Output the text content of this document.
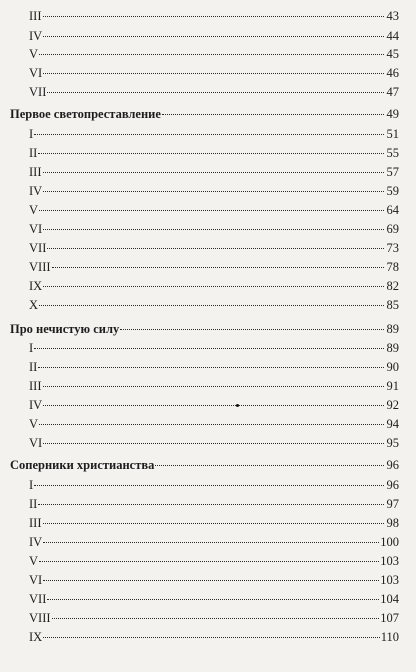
III	43
IV	44
V	45
VI	46
VII	47
Первое светопреставление	49
I	51
II	55
III	57
IV	59
V	64
VI	69
VII	73
VIII	78
IX	82
X	85
Про нечистую силу	89
I	89
II	90
III	91
IV	92
V	94
VI	95
Соперники христианства	96
I	96
II	97
III	98
IV	100
V	103
VI	103
VII	104
VIII	107
IX	110
